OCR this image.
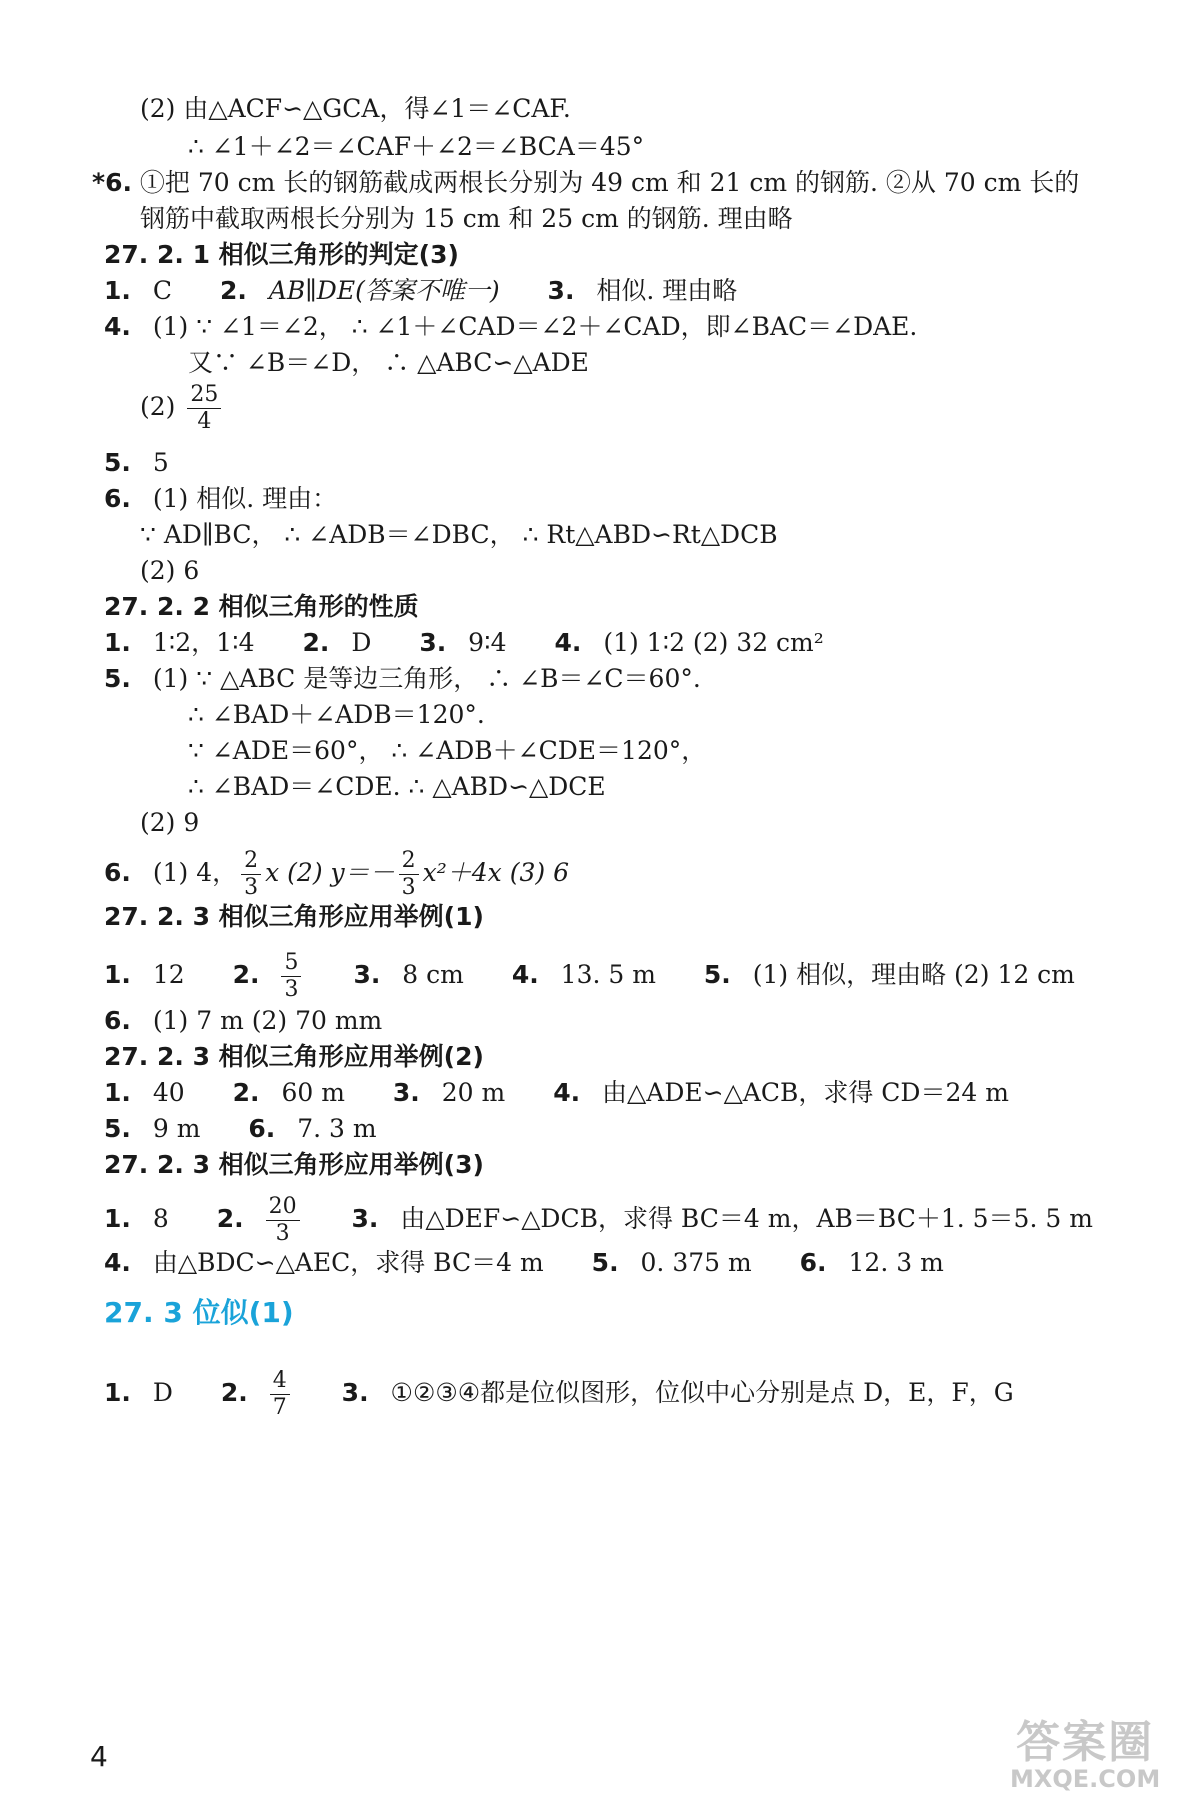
(2) 由△ACF∽△GCA，得∠1＝∠CAF.
∴ ∠1＋∠2＝∠CAF＋∠2＝∠BCA＝45°
*6. ①把 70 cm 长的钢筋截成两根长分别为 49 cm 和 21 cm 的钢筋. ②从 70 cm 长的
钢筋中截取两根长分别为 15 cm 和 25 cm 的钢筋. 理由略
27. 2. 1 相似三角形的判定(3)
1. C 2. AB∥DE(答案不唯一) 3. 相似. 理由略
4. (1) ∵ ∠1＝∠2， ∴ ∠1＋∠CAD＝∠2＋∠CAD，即∠BAC＝∠DAE.
又∵ ∠B＝∠D， ∴ △ABC∽△ADE
$(2) \frac{25}{4}$
5. 5
6. (1) 相似. 理由：
∵ AD∥BC， ∴ ∠ADB＝∠DBC， ∴ Rt△ABD∽Rt△DCB
(2) 6
27. 2. 2 相似三角形的性质
1. 1∶2，1∶4 2. D 3. 9∶4 4. (1) 1∶2 (2) 32 cm²
5. (1) ∵ △ABC 是等边三角形， ∴ ∠B＝∠C＝60°.
∴ ∠BAD＋∠ADB＝120°.
∵ ∠ADE＝60°， ∴ ∠ADB＋∠CDE＝120°，
∴ ∠BAD＝∠CDE. ∴ △ABD∽△DCE
(2) 9
6. (1) 4， $\frac{2}{3}$ x (2) $y=- \frac{2}{3} x^2+4x$ (3) 6
27. 2. 3 相似三角形应用举例(1)
1. 12 2. $\frac{5}{3} 3$. 8 cm 4. 13. 5 m 5. (1) 相似，理由略 (2) 12 cm
6. (1) 7 m (2) 70 mm
27. 2. 3 相似三角形应用举例(2)
1. 40 2. 60 m 3. 20 m 4. 由△ADE∽△ACB，求得 CD＝24 m
5. 9 m 6. 7. 3 m
27. 2. 3 相似三角形应用举例(3)
1. 8 2. $\frac{20}{3} 3$. 由△DEF∽△DCB，求得 BC＝4 m，AB＝BC＋1. 5＝5. 5 m
4. 由△BDC∽△AEC，求得 BC＝4 m 5. 0. 375 m 6. 12. 3 m
27. 3 位似(1)
1. D 2. $\frac{4}{7} 3$. ①②③④都是位似图形，位似中心分别是点 D，E，F，G
4	答案圈
MXQE.COM
